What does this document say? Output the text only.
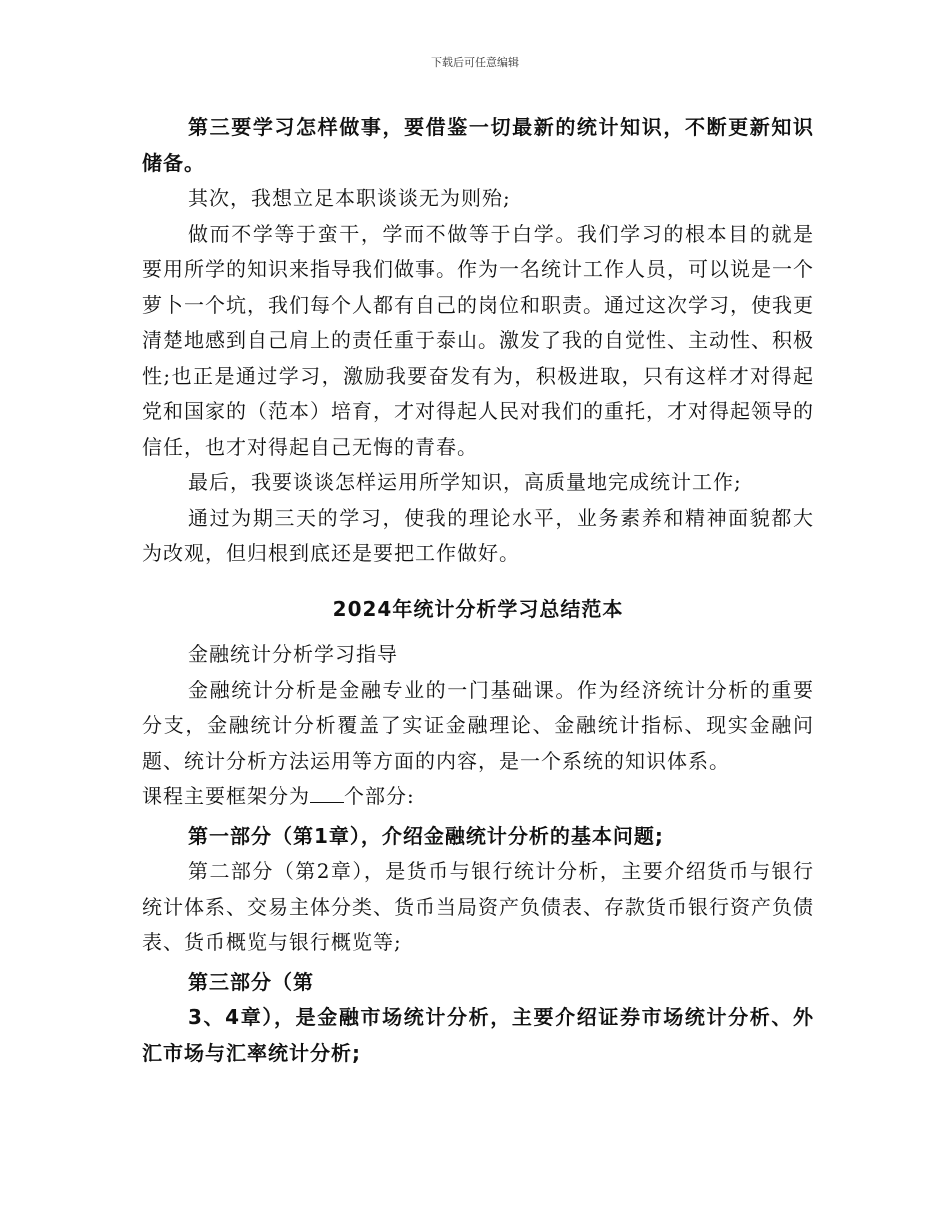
下载后可任意编辑

第三要学习怎样做事，要借鉴一切最新的统计知识，不断更新知识储备。

其次，我想立足本职谈谈无为则殆;

做而不学等于蛮干，学而不做等于白学。我们学习的根本目的就是要用所学的知识来指导我们做事。作为一名统计工作人员，可以说是一个萝卜一个坑，我们每个人都有自己的岗位和职责。通过这次学习，使我更清楚地感到自己肩上的责任重于泰山。激发了我的自觉性、主动性、积极性;也正是通过学习，激励我要奋发有为，积极进取，只有这样才对得起党和国家的（范本）培育，才对得起人民对我们的重托，才对得起领导的信任，也才对得起自己无悔的青春。

最后，我要谈谈怎样运用所学知识，高质量地完成统计工作;

通过为期三天的学习，使我的理论水平，业务素养和精神面貌都大为改观，但归根到底还是要把工作做好。

2024年统计分析学习总结范本

金融统计分析学习指导

金融统计分析是金融专业的一门基础课。作为经济统计分析的重要分支，金融统计分析覆盖了实证金融理论、金融统计指标、现实金融问题、统计分析方法运用等方面的内容，是一个系统的知识体系。

课程主要框架分为 个部分:

第一部分（第1章），介绍金融统计分析的基本问题;

第二部分（第2章），是货币与银行统计分析，主要介绍货币与银行统计体系、交易主体分类、货币当局资产负债表、存款货币银行资产负债表、货币概览与银行概览等;

第三部分（第

3、4章），是金融市场统计分析，主要介绍证券市场统计分析、外汇市场与汇率统计分析;
